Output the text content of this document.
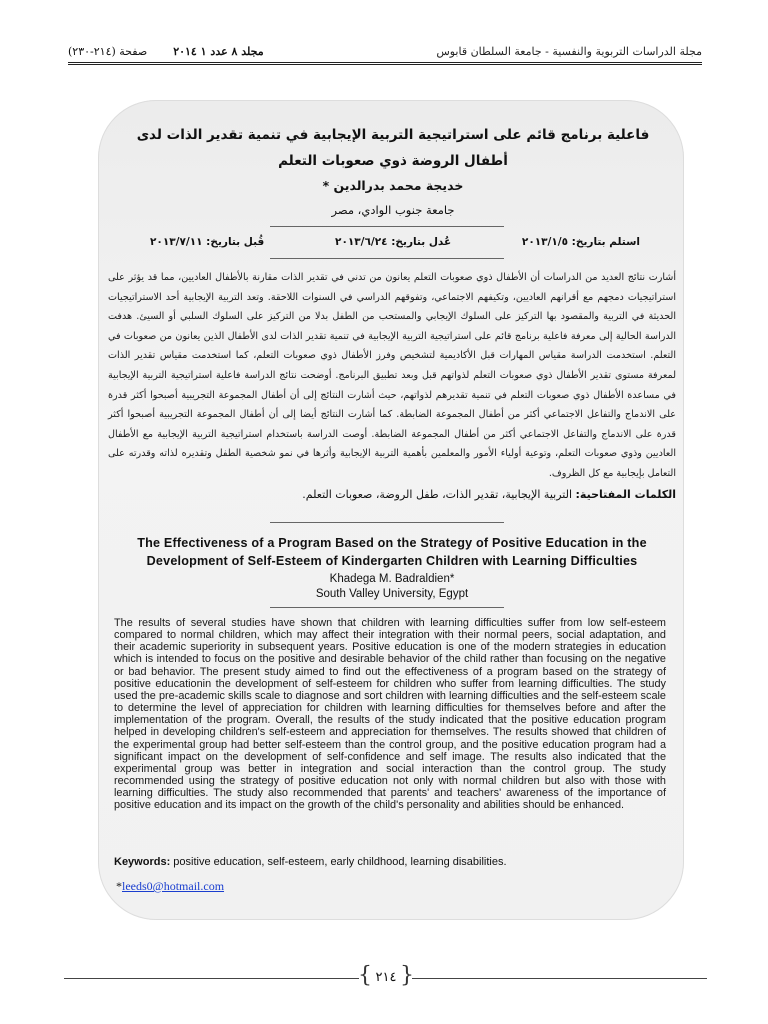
مجلد ٨ عدد ١ ٢٠١٤
صفحة (٢١٤-٢٣٠)	مجلة الدراسات التربوية والنفسية - جامعة السلطان قابوس
فاعلية برنامج قائم على استراتيجية التربية الإيجابية في تنمية تقدير الذات لدى أطفال الروضة ذوي صعوبات التعلم
خديجة محمد بدرالدين *
جامعة جنوب الوادي، مصر
استلم بتاريخ: ٢٠١٣/١/٥
عُدل بتاريخ: ٢٠١٣/٦/٢٤
قُبل بتاريخ: ٢٠١٣/٧/١١
أشارت نتائج العديد من الدراسات أن الأطفال ذوي صعوبات التعلم يعانون من تدني في تقدير الذات مقارنة بالأطفال العاديين، مما قد يؤثر على استراتيجيات دمجهم مع أقرانهم العاديين، وتكيفهم الاجتماعي، وتفوقهم الدراسي في السنوات اللاحقة. وتعد التربية الإيجابية أحد الاستراتيجيات الحديثة في التربية والمقصود بها التركيز على السلوك الإيجابي والمستحب من الطفل بدلا من التركيز على السلوك السلبي أو السيئ. هدفت الدراسة الحالية إلى معرفة فاعلية برنامج قائم على استراتيجية التربية الإيجابية في تنمية تقدير الذات لدى الأطفال الذين يعانون من صعوبات في التعلم. استخدمت الدراسة مقياس المهارات قبل الأكاديمية لتشخيص وفرز الأطفال ذوي صعوبات التعلم، كما استخدمت مقياس تقدير الذات لمعرفة مستوى تقدير الأطفال ذوي صعوبات التعلم لذواتهم قبل وبعد تطبيق البرنامج. أوضحت نتائج الدراسة فاعلية استراتيجية التربية الإيجابية في مساعدة الأطفال ذوي صعوبات التعلم في تنمية تقديرهم لذواتهم، حيث أشارت النتائج إلى أن أطفال المجموعة التجريبية أصبحوا أكثر قدرة على الاندماج والتفاعل الاجتماعي أكثر من أطفال المجموعة الضابطة. كما أشارت النتائج أيضا إلى أن أطفال المجموعة التجريبية أصبحوا أكثر قدرة على الاندماج والتفاعل الاجتماعي أكثر من أطفال المجموعة الضابطة. أوصت الدراسة باستخدام استراتيجية التربية الإيجابية مع الأطفال العاديين وذوي صعوبات التعلم، وتوعية أولياء الأمور والمعلمين بأهمية التربية الإيجابية وأثرها في نمو شخصية الطفل وتقديره لذاته وقدرته على التعامل بإيجابية مع كل الظروف.
الكلمات المفتاحية: التربية الإيجابية، تقدير الذات، طفل الروضة، صعوبات التعلم.
The Effectiveness of a Program Based on the Strategy of Positive Education in the Development of Self-Esteem of Kindergarten Children with Learning Difficulties
Khadega M. Badraldien*
South Valley University, Egypt
The results of several studies have shown that children with learning difficulties suffer from low self-esteem compared to normal children, which may affect their integration with their normal peers, social adaptation, and their academic superiority in subsequent years. Positive education is one of the modern strategies in education which is intended to focus on the positive and desirable behavior of the child rather than focusing on the negative or bad behavior. The present study aimed to find out the effectiveness of a program based on the strategy of positive educationin the development of self-esteem for children who suffer from learning difficulties. The study used the pre-academic skills scale to diagnose and sort children with learning difficulties and the self-esteem scale to determine the level of appreciation for children with learning difficulties for themselves before and after the implementation of the program. Overall, the results of the study indicated that the positive education program helped in developing children's self-esteem and appreciation for themselves. The results showed that children of the experimental group had better self-esteem than the control group, and the positive education program had a significant impact on the development of self-confidence and self image. The results also indicated that the experimental group was better in integration and social interaction than the control group. The study recommended using the strategy of positive education not only with normal children but also with those with learning difficulties. The study also recommended that parents' and teachers' awareness of the importance of positive education and its impact on the growth of the child's personality and abilities should be enhanced.
Keywords: positive education, self-esteem, early childhood, learning disabilities.
*leeds0@hotmail.com
{ ٢١٤ }
